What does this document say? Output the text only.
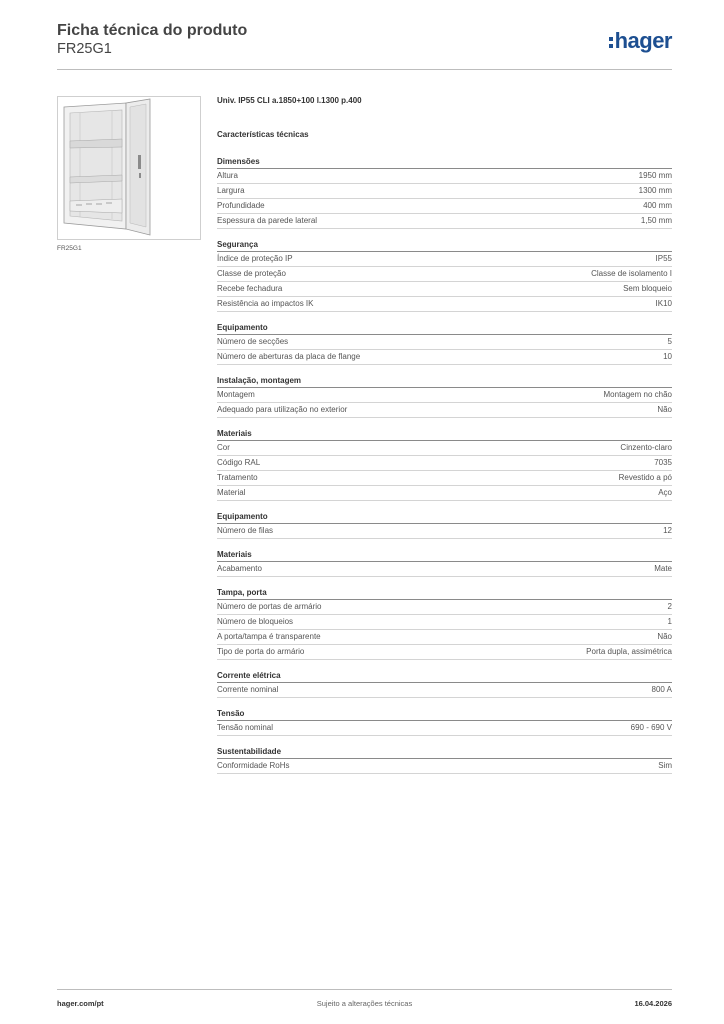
Ficha técnica do produto
FR25G1	hager
FR25G1
Univ. IP55 CLI a.1850+100 l.1300 p.400
Características técnicas
Dimensões
Altura	1950 mm
Largura	1300 mm
Profundidade	400 mm
Espessura da parede lateral	1,50 mm
Segurança
Índice de proteção IP	IP55
Classe de proteção	Classe de isolamento I
Recebe fechadura	Sem bloqueio
Resistência ao impactos IK	IK10
Equipamento
Número de secções	5
Número de aberturas da placa de flange	10
Instalação, montagem
Montagem	Montagem no chão
Adequado para utilização no exterior	Não
Materiais
Cor	Cinzento-claro
Código RAL	7035
Tratamento	Revestido a pó
Material	Aço
Equipamento
Número de filas	12
Materiais
Acabamento	Mate
Tampa, porta
Número de portas de armário	2
Número de bloqueios	1
A porta/tampa é transparente	Não
Tipo de porta do armário	Porta dupla, assimétrica
Corrente elétrica
Corrente nominal	800 A
Tensão
Tensão nominal	690 - 690 V
Sustentabilidade
Conformidade RoHs	Sim
hager.com/pt	Sujeito a alterações técnicas	16.04.2026
